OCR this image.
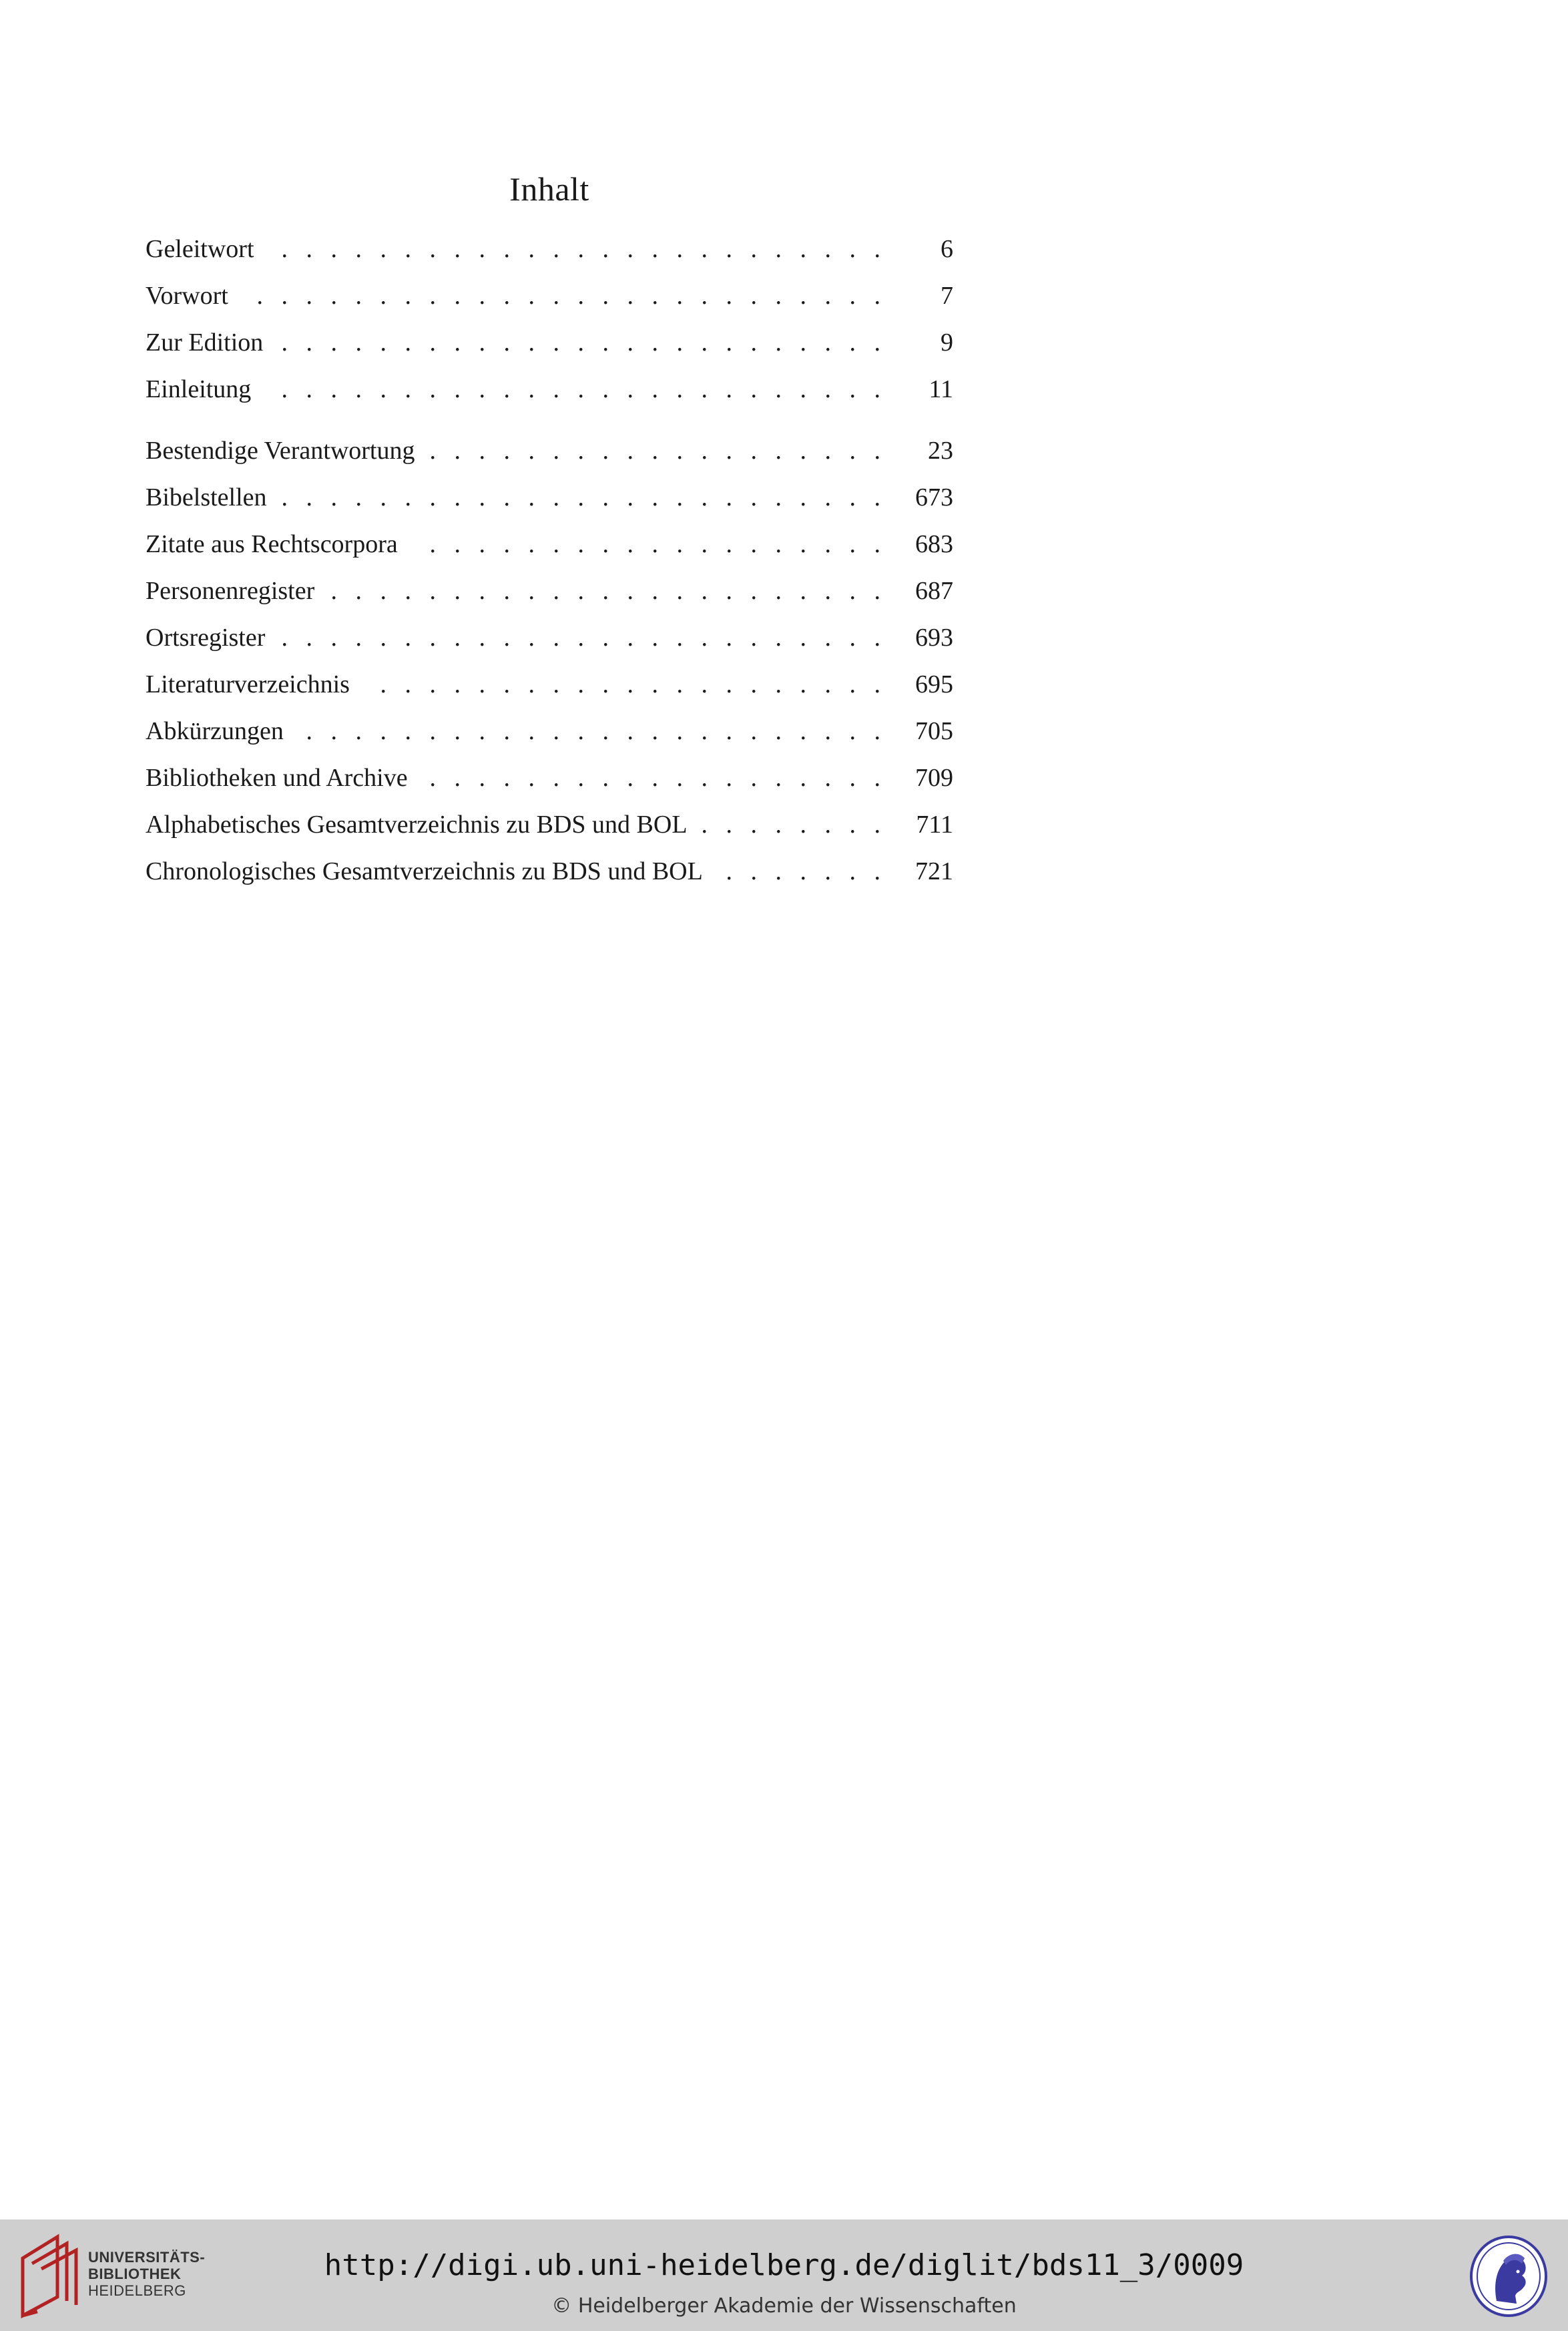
Inhalt
Geleitwort . . .	6
Vorwort . . .	7
Zur Edition . . .	9
Einleitung . . .	11
Bestendige Verantwortung . . .	23
Bibelstellen . . .	673
Zitate aus Rechtscorpora . . .	683
Personenregister . . .	687
Ortsregister . . .	693
Literaturverzeichnis . . .	695
Abkürzungen . . .	705
Bibliotheken und Archive . . .	709
Alphabetisches Gesamtverzeichnis zu BDS und BOL . . .	711
Chronologisches Gesamtverzeichnis zu BDS und BOL . . .	721
UNIVERSITÄTS-
BIBLIOTHEK
HEIDELBERG
http://digi.ub.uni-heidelberg.de/diglit/bds11_3/0009
© Heidelberger Akademie der Wissenschaften
